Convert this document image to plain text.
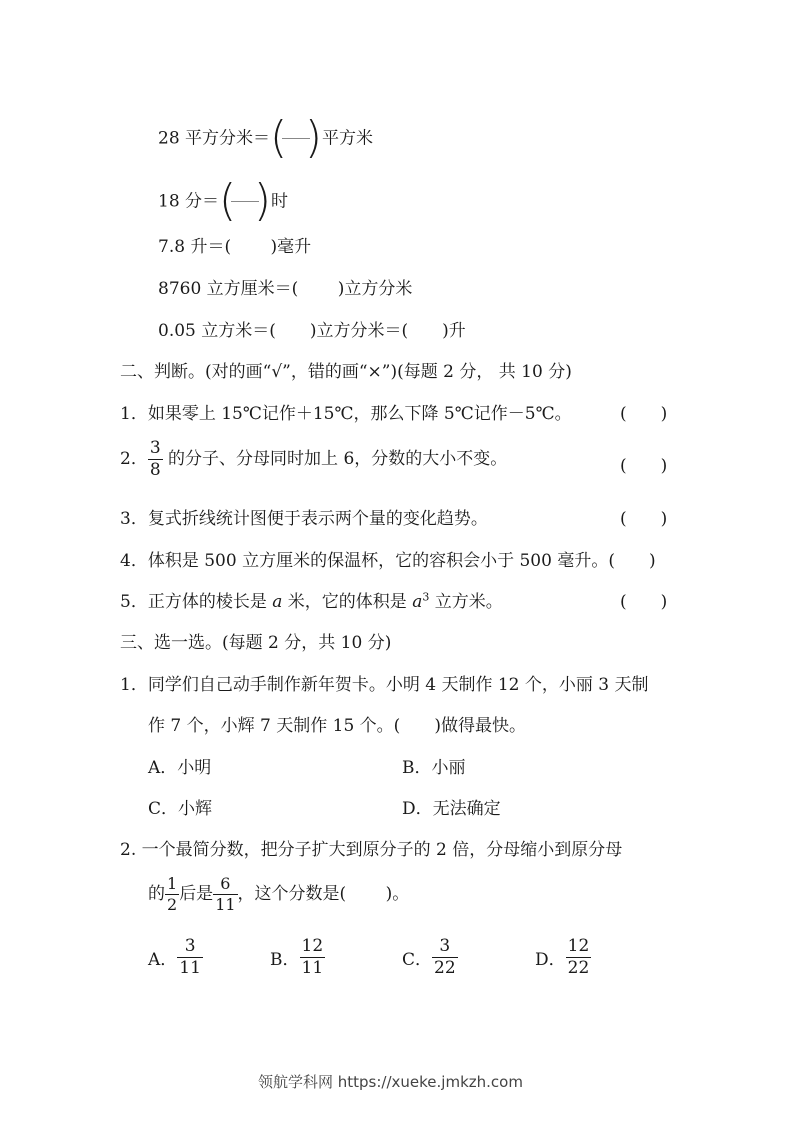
28 平方分米＝ ( ) 平方米
18 分＝ ( ) 时
7.8 升＝(　　 )毫升
8760 立方厘米＝(　　 )立方分米
0.05 立方米＝(　　)立方分米＝(　　)升
二、判断。(对的画“√”，错的画“×”)(每题 2 分， 共 10 分)
1．如果零上 15℃记作＋15℃，那么下降 5℃记作－5℃。	(　　)
2． $\frac{3}{8}$ 的分子、分母同时加上 6，分数的大小不变。	(　　)
3．复式折线统计图便于表示两个量的变化趋势。	(　　)
4．体积是 500 立方厘米的保温杯，它的容积会小于 500 毫升。(　　)
5．正方体的棱长是 a 米，它的体积是 $a^3$ 立方米。	(　　)
三、选一选。(每题 2 分，共 10 分)
1．同学们自己动手制作新年贺卡。小明 4 天制作 12 个，小丽 3 天制
作 7 个，小辉 7 天制作 15 个。(　　)做得最快。
A．小明	B．小丽
C．小辉	D．无法确定
2. 一个最简分数，把分子扩大到原分子的 2 倍，分母缩小到原分母
的 $\frac{1}{2}$ 后是 $\frac{6}{11}$ ，这个分数是(　　 )。
A． $\frac{3}{11}$	B． $\frac{12}{11}$	C． $\frac{3}{22}$	D． $\frac{12}{22}$
领航学科网 https://xueke.jmkzh.com
